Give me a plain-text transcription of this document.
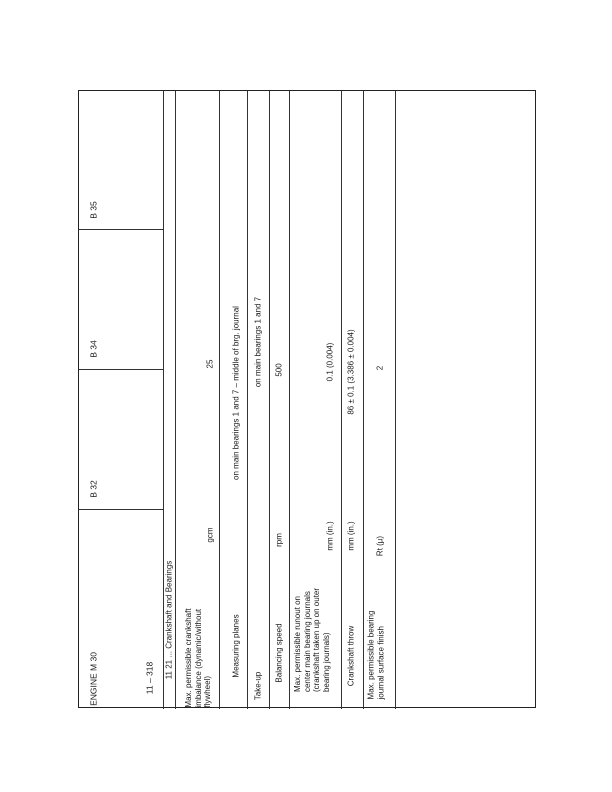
ENGINE M 30	11 – 318
B 32
B 34
B 35
11 21 ... Crankshaft and Bearings
Max. permissible crankshaft
imbalance (dynamic/without
flywheel)
gcm
25
Measuring planes
on main bearings 1 and 7 – middle of brg. journal
Take-up
on main bearings 1 and 7
Balancing speed
rpm
500
Max. permissible runout on
center main bearing journals
(crankshaft taken up on outer
bearing journals)
mm (in.)
0.1 (0.004)
Crankshaft throw
mm (in.)
86 ± 0.1 (3.386 ± 0.004)
Max. permissible bearing
journal surface finish
Rt (µ)
2
